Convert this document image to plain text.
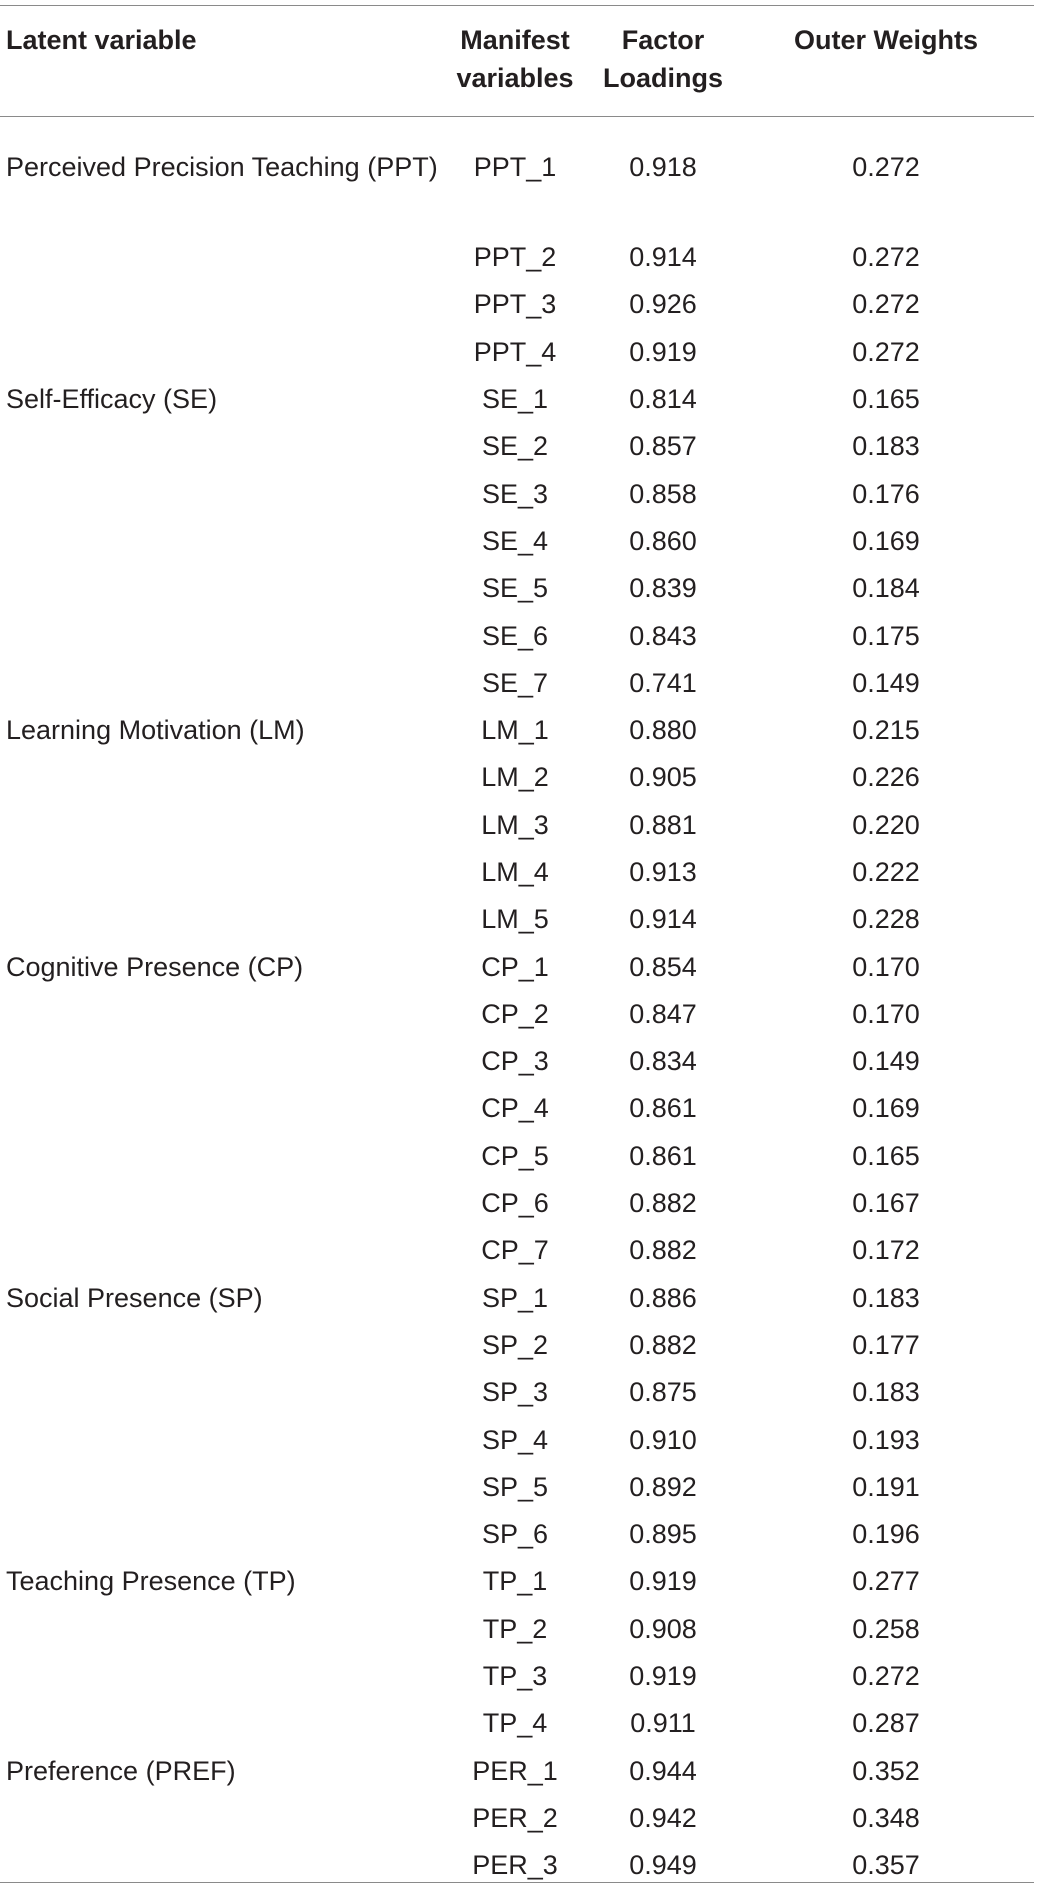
Latent variable	Manifest variables	Factor Loadings	Outer Weights
Perceived Precision Teaching (PPT)	PPT_1	0.918	0.272
	PPT_2	0.914	0.272
	PPT_3	0.926	0.272
	PPT_4	0.919	0.272
Self-Efficacy (SE)	SE_1	0.814	0.165
	SE_2	0.857	0.183
	SE_3	0.858	0.176
	SE_4	0.860	0.169
	SE_5	0.839	0.184
	SE_6	0.843	0.175
	SE_7	0.741	0.149
Learning Motivation (LM)	LM_1	0.880	0.215
	LM_2	0.905	0.226
	LM_3	0.881	0.220
	LM_4	0.913	0.222
	LM_5	0.914	0.228
Cognitive Presence (CP)	CP_1	0.854	0.170
	CP_2	0.847	0.170
	CP_3	0.834	0.149
	CP_4	0.861	0.169
	CP_5	0.861	0.165
	CP_6	0.882	0.167
	CP_7	0.882	0.172
Social Presence (SP)	SP_1	0.886	0.183
	SP_2	0.882	0.177
	SP_3	0.875	0.183
	SP_4	0.910	0.193
	SP_5	0.892	0.191
	SP_6	0.895	0.196
Teaching Presence (TP)	TP_1	0.919	0.277
	TP_2	0.908	0.258
	TP_3	0.919	0.272
	TP_4	0.911	0.287
Preference (PREF)	PER_1	0.944	0.352
	PER_2	0.942	0.348
	PER_3	0.949	0.357
